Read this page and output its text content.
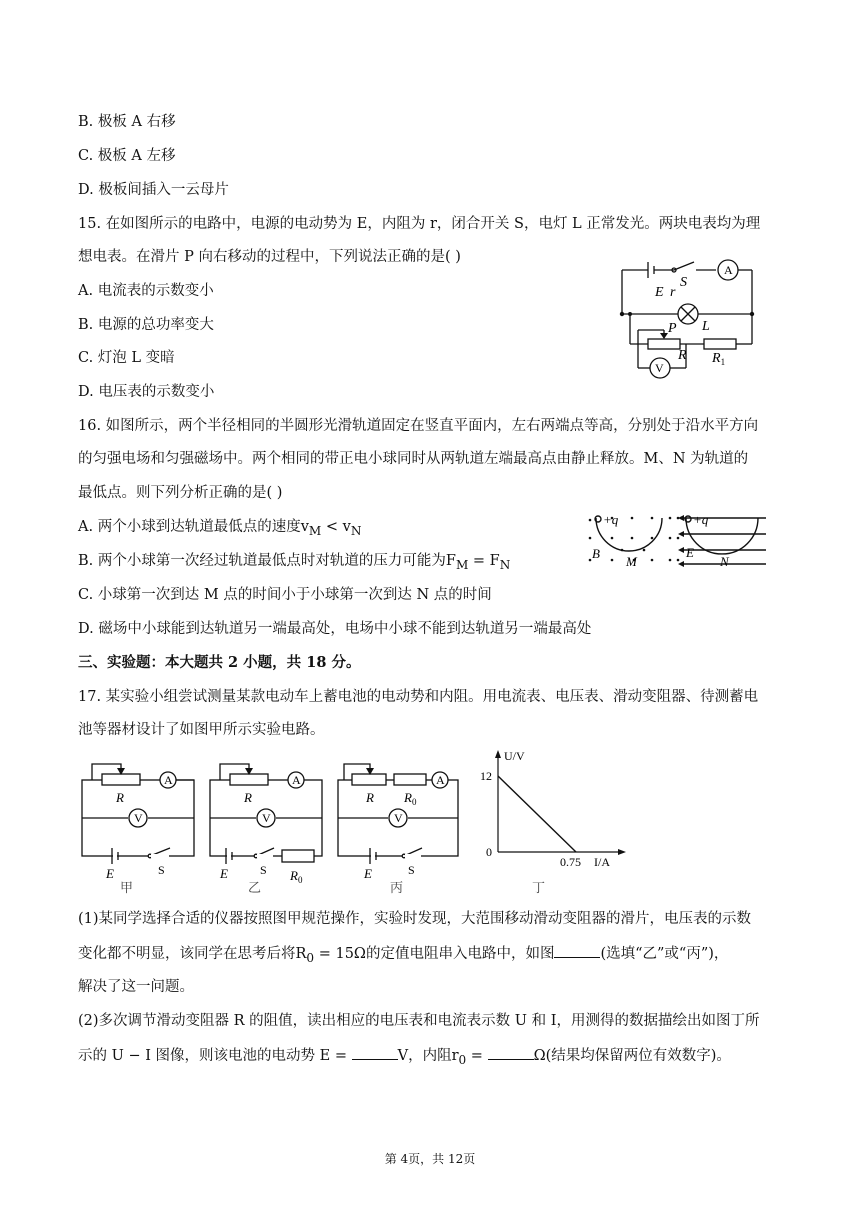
B. 极板 A 右移
C. 极板 A 左移
D. 极板间插入一云母片
15. 在如图所示的电路中，电源的电动势为 E，内阻为 r，闭合开关 S，电灯 L 正常发光。两块电表均为理
想电表。在滑片 P 向右移动的过程中，下列说法正确的是( )
A. 电流表的示数变小
B. 电源的总功率变大
C. 灯泡 L 变暗
D. 电压表的示数变小
A
E r
S
L
P
R $R_1$
V
16. 如图所示，两个半径相同的半圆形光滑轨道固定在竖直平面内，左右两端点等高，分别处于沿水平方向
的匀强电场和匀强磁场中。两个相同的带正电小球同时从两轨道左端最高点由静止释放。M、N 为轨道的
最低点。则下列分析正确的是( )
A. 两个小球到达轨道最低点的速度$v_M < v_N$
B. 两个小球第一次经过轨道最低点时对轨道的压力可能为$F_M = F_N$
C. 小球第一次到达 M 点的时间小于小球第一次到达 N 点的时间
D. 磁场中小球能到达轨道另一端最高处，电场中小球不能到达轨道另一端最高处
+q	+q
B
M
E
N
三、实验题：本大题共 2 小题，共 18 分。
17. 某实验小组尝试测量某款电动车上蓄电池的电动势和内阻。用电流表、电压表、滑动变阻器、待测蓄电
池等器材设计了如图甲所示实验电路。
A
V
A
V
A
V
R	R	R $R_0$
$R_0$
E	E	E
S	S	S
甲	乙	丙	丁
U/V
12
0
0.75 I/A
(1)某同学选择合适的仪器按照图甲规范操作，实验时发现，大范围移动滑动变阻器的滑片，电压表的示数
变化都不明显，该同学在思考后将$R_0 = 15\Omega$的定值电阻串入电路中，如图	(选填“乙”或“丙”)，
解决了这一问题。
(2)多次调节滑动变阻器 R 的阻值，读出相应的电压表和电流表示数 U 和 I，用测得的数据描绘出如图丁所
示的 U − I 图像，则该电池的电动势 E =	V，内阻$r_0$ =	Ω(结果均保留两位有效数字)。
第 4页，共 12页
